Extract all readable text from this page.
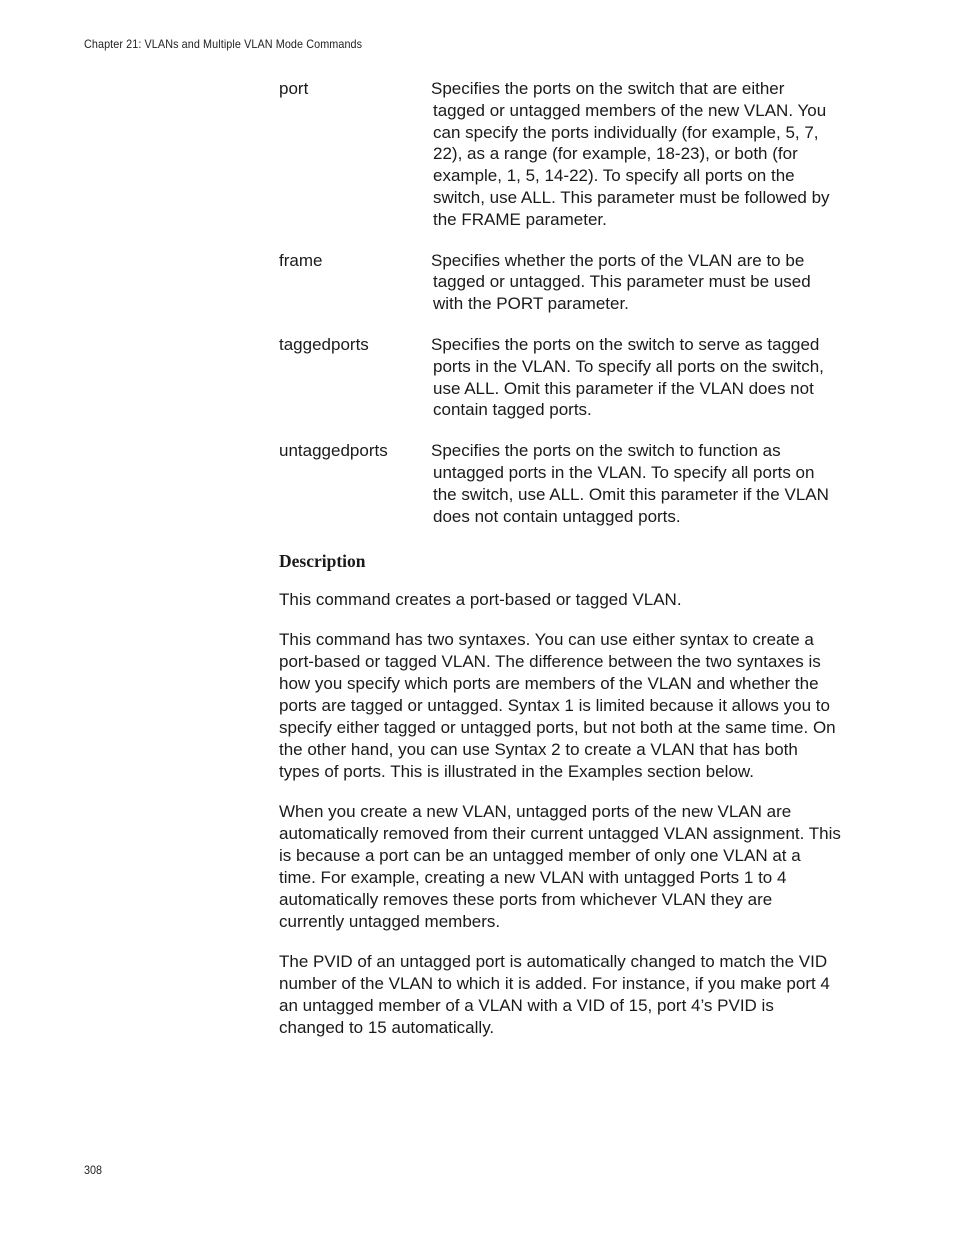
Chapter 21: VLANs and Multiple VLAN Mode Commands
port	Specifies the ports on the switch that are either tagged or untagged members of the new VLAN. You can specify the ports individually (for example, 5, 7, 22), as a range (for example, 18-23), or both (for example, 1, 5, 14-22). To specify all ports on the switch, use ALL. This parameter must be followed by the FRAME parameter.
frame	Specifies whether the ports of the VLAN are to be tagged or untagged. This parameter must be used with the PORT parameter.
taggedports	Specifies the ports on the switch to serve as tagged ports in the VLAN. To specify all ports on the switch, use ALL. Omit this parameter if the VLAN does not contain tagged ports.
untaggedports	Specifies the ports on the switch to function as untagged ports in the VLAN. To specify all ports on the switch, use ALL. Omit this parameter if the VLAN does not contain untagged ports.
Description

This command creates a port-based or tagged VLAN.

This command has two syntaxes. You can use either syntax to create a port-based or tagged VLAN. The difference between the two syntaxes is how you specify which ports are members of the VLAN and whether the ports are tagged or untagged. Syntax 1 is limited because it allows you to specify either tagged or untagged ports, but not both at the same time. On the other hand, you can use Syntax 2 to create a VLAN that has both types of ports. This is illustrated in the Examples section below.

When you create a new VLAN, untagged ports of the new VLAN are automatically removed from their current untagged VLAN assignment. This is because a port can be an untagged member of only one VLAN at a time. For example, creating a new VLAN with untagged Ports 1 to 4 automatically removes these ports from whichever VLAN they are currently untagged members.

The PVID of an untagged port is automatically changed to match the VID number of the VLAN to which it is added. For instance, if you make port 4 an untagged member of a VLAN with a VID of 15, port 4’s PVID is changed to 15 automatically.

308
